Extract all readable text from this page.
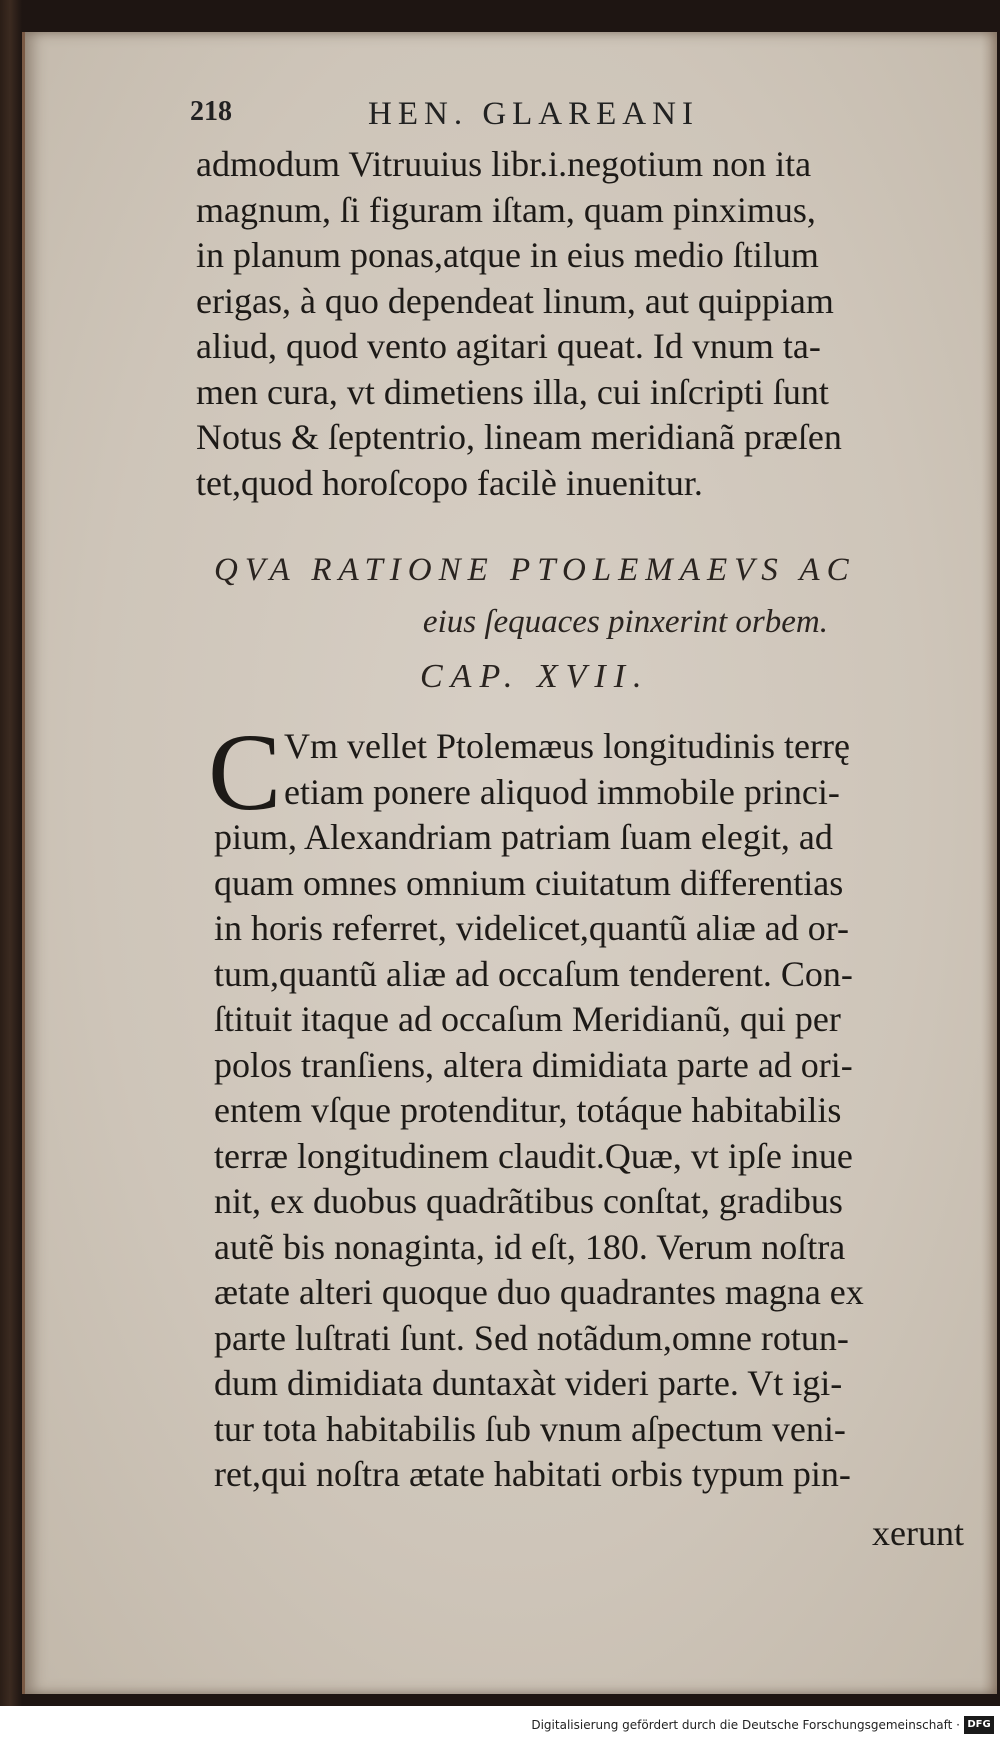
218	HEN. GLAREANI
admodum Vitruuius libr.i.negotium non ita
magnum, ſi figuram iſtam, quam pinximus,
in planum ponas,atque in eius medio ſtilum
erigas, à quo dependeat linum, aut quippiam
aliud, quod vento agitari queat. Id vnum ta-
men cura, vt dimetiens illa, cui inſcripti ſunt
Notus & ſeptentrio, lineam meridianã præſen
tet,quod horoſcopo facilè inuenitur.
QVA RATIONE PTOLEMAEVS AC
eius ſequaces pinxerint orbem.
CAP. XVII.
C Vm vellet Ptolemæus longitudinis terrę
etiam ponere aliquod immobile princi-
pium, Alexandriam patriam ſuam elegit, ad
quam omnes omnium ciuitatum differentias
in horis referret, videlicet,quantũ aliæ ad or-
tum,quantũ aliæ ad occaſum tenderent. Con-
ſtituit itaque ad occaſum Meridianũ, qui per
polos tranſiens, altera dimidiata parte ad ori-
entem vſque protenditur, totáque habitabilis
terræ longitudinem claudit.Quæ, vt ipſe inue
nit, ex duobus quadrãtibus conſtat, gradibus
autẽ bis nonaginta, id eſt, 180. Verum noſtra
ætate alteri quoque duo quadrantes magna ex
parte luſtrati ſunt. Sed notãdum,omne rotun-
dum dimidiata duntaxàt videri parte. Vt igi-
tur tota habitabilis ſub vnum aſpectum veni-
ret,qui noſtra ætate habitati orbis typum pin-
xerunt
Digitalisierung gefördert durch die Deutsche Forschungsgemeinschaft · DFG
